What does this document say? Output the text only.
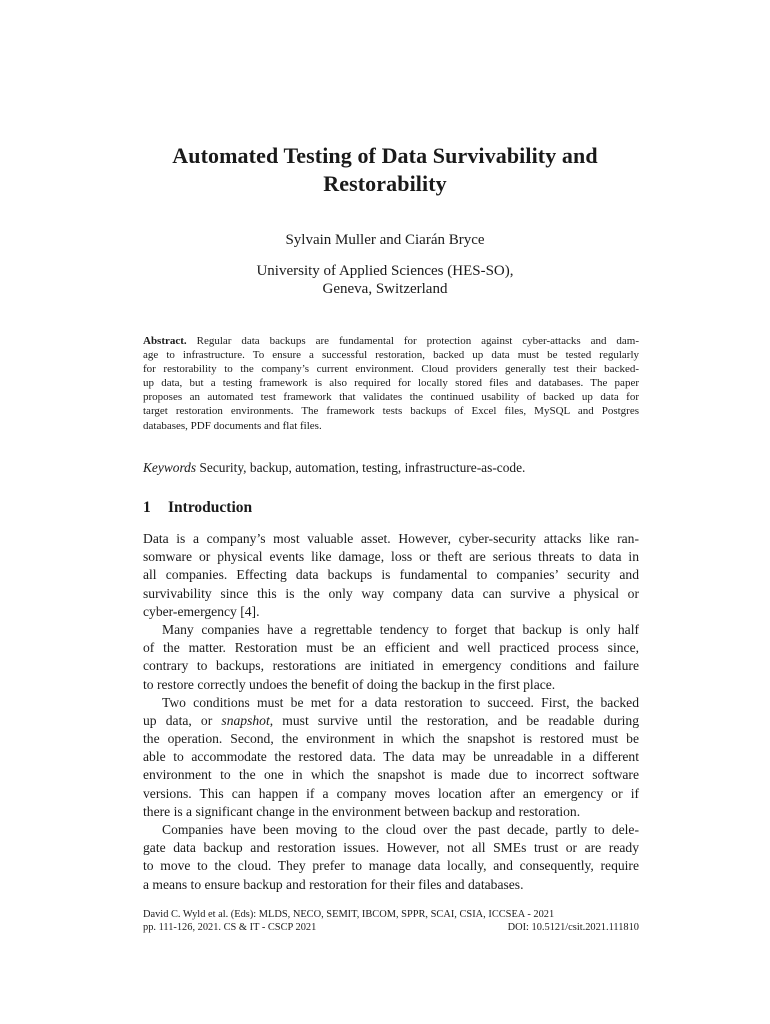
Automated Testing of Data Survivability and
Restorability
Sylvain Muller and Ciarán Bryce
University of Applied Sciences (HES-SO),
Geneva, Switzerland
Abstract. Regular data backups are fundamental for protection against cyber-attacks and dam-
age to infrastructure. To ensure a successful restoration, backed up data must be tested regularly
for restorability to the company’s current environment. Cloud providers generally test their backed-
up data, but a testing framework is also required for locally stored files and databases. The paper
proposes an automated test framework that validates the continued usability of backed up data for
target restoration environments. The framework tests backups of Excel files, MySQL and Postgres
databases, PDF documents and flat files.
Keywords Security, backup, automation, testing, infrastructure-as-code.
1 Introduction
Data is a company’s most valuable asset. However, cyber-security attacks like ran-
somware or physical events like damage, loss or theft are serious threats to data in
all companies. Effecting data backups is fundamental to companies’ security and
survivability since this is the only way company data can survive a physical or
cyber-emergency [4].
Many companies have a regrettable tendency to forget that backup is only half
of the matter. Restoration must be an efficient and well practiced process since,
contrary to backups, restorations are initiated in emergency conditions and failure
to restore correctly undoes the benefit of doing the backup in the first place.
Two conditions must be met for a data restoration to succeed. First, the backed
up data, or snapshot, must survive until the restoration, and be readable during
the operation. Second, the environment in which the snapshot is restored must be
able to accommodate the restored data. The data may be unreadable in a different
environment to the one in which the snapshot is made due to incorrect software
versions. This can happen if a company moves location after an emergency or if
there is a significant change in the environment between backup and restoration.
Companies have been moving to the cloud over the past decade, partly to dele-
gate data backup and restoration issues. However, not all SMEs trust or are ready
to move to the cloud. They prefer to manage data locally, and consequently, require
a means to ensure backup and restoration for their files and databases.
David C. Wyld et al. (Eds): MLDS, NECO, SEMIT, IBCOM, SPPR, SCAI, CSIA, ICCSEA - 2021
pp. 111-126, 2021. CS & IT - CSCP 2021	DOI: 10.5121/csit.2021.111810
